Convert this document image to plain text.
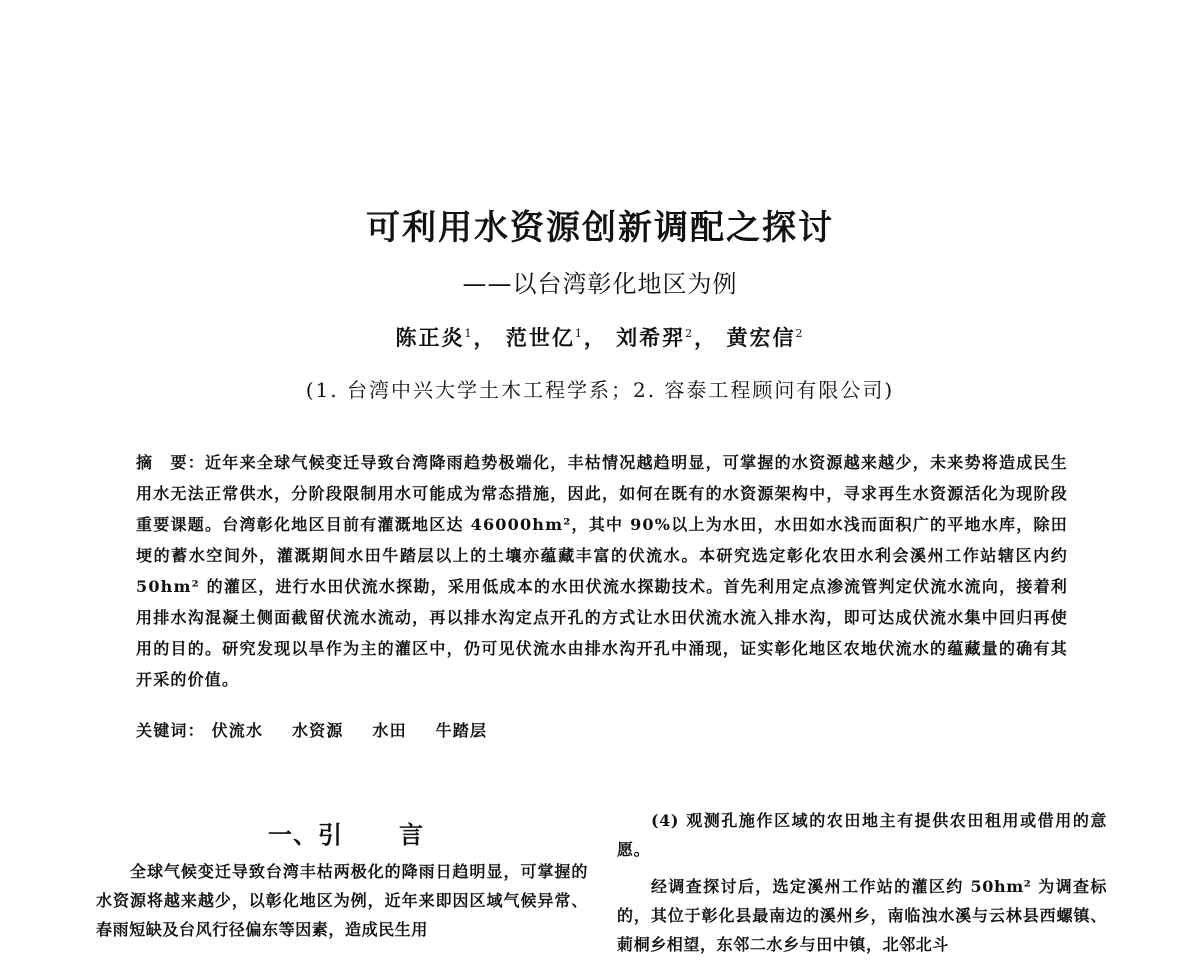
可利用水资源创新调配之探讨
——以台湾彰化地区为例
陈正炎$^1$， 范世亿$^1$， 刘希羿$^2$， 黄宏信$^2$
(1. 台湾中兴大学土木工程学系；2. 容泰工程顾问有限公司)
摘　要：近年来全球气候变迁导致台湾降雨趋势极端化，丰枯情况越趋明显，可掌握的水资源越来越少，未来势将造成民生用水无法正常供水，分阶段限制用水可能成为常态措施，因此，如何在既有的水资源架构中，寻求再生水资源活化为现阶段重要课题。台湾彰化地区目前有灌溉地区达 46000hm²，其中 90%以上为水田，水田如水浅而面积广的平地水库，除田埂的蓄水空间外，灌溉期间水田牛踏层以上的土壤亦蕴藏丰富的伏流水。本研究选定彰化农田水利会溪州工作站辖区内约 50hm² 的灌区，进行水田伏流水探勘，采用低成本的水田伏流水探勘技术。首先利用定点渗流管判定伏流水流向，接着利用排水沟混凝土侧面截留伏流水流动，再以排水沟定点开孔的方式让水田伏流水流入排水沟，即可达成伏流水集中回归再使用的目的。研究发现以旱作为主的灌区中，仍可见伏流水由排水沟开孔中涌现，证实彰化地区农地伏流水的蕴藏量的确有其开采的价值。
关键词： 伏流水 水资源 水田 牛踏层
一、引 言

全球气候变迁导致台湾丰枯两极化的降雨日趋明显，可掌握的水资源将越来越少，以彰化地区为例，近年来即因区域气候异常、春雨短缺及台风行径偏东等因素，造成民生用

(4) 观测孔施作区域的农田地主有提供农田租用或借用的意愿。

经调查探讨后，选定溪州工作站的灌区约 50hm² 为调查标的，其位于彰化县最南边的溪州乡，南临浊水溪与云林县西螺镇、莿桐乡相望，东邻二水乡与田中镇，北邻北斗
